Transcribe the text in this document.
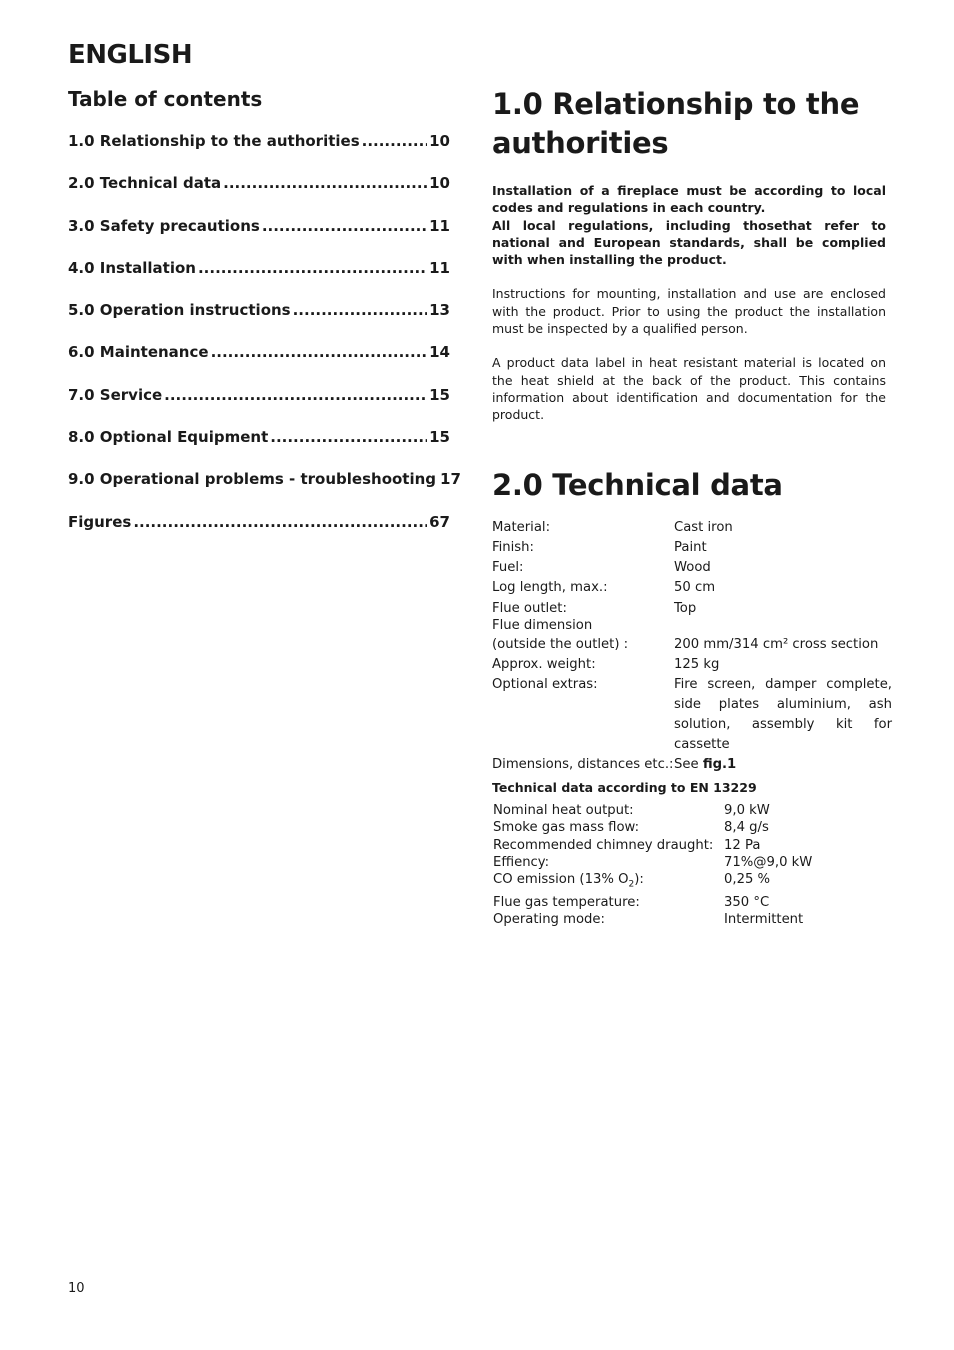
ENGLISH
Table of contents
1.0 Relationship to the authorities .....	10
2.0 Technical data .....	10
3.0 Safety precautions .....	11
4.0 Installation .....	11
5.0 Operation instructions .....	13
6.0 Maintenance .....	14
7.0 Service .....	15
8.0 Optional Equipment .....	15
9.0 Operational problems - troubleshooting 17
Figures .....	67
1.0 Relationship to the authorities

Installation of a fireplace must be according to local codes and regulations in each country.

All local regulations, including thosethat refer to national and European standards, shall be complied with when installing the product.

Instructions for mounting, installation and use are enclosed with the product. Prior to using the product the installation must be inspected by a qualified person.

A product data label in heat resistant material is located on the heat shield at the back of the product. This contains information about identification and documentation for the product.

2.0 Technical data
Material:	Cast iron
Finish:	Paint
Fuel:	Wood
Log length, max.:	50 cm
Flue outlet:	Top
Flue dimension
(outside the outlet) :	200 mm/314 cm² cross section
Approx. weight:	125 kg
Optional extras:	Fire screen, damper complete, side plates aluminium, ash solution, assembly kit for cassette
Dimensions, distances etc.: See fig.1

Technical data according to EN 13229

Nominal heat output:	9,0 kW
Smoke gas mass flow:	8,4 g/s
Recommended chimney draught: 12 Pa
Effiency:	71%@9,0 kW
CO emission (13% $O_2$):	0,25 %
Flue gas temperature:	350 °C
Operating mode:	Intermittent

10
